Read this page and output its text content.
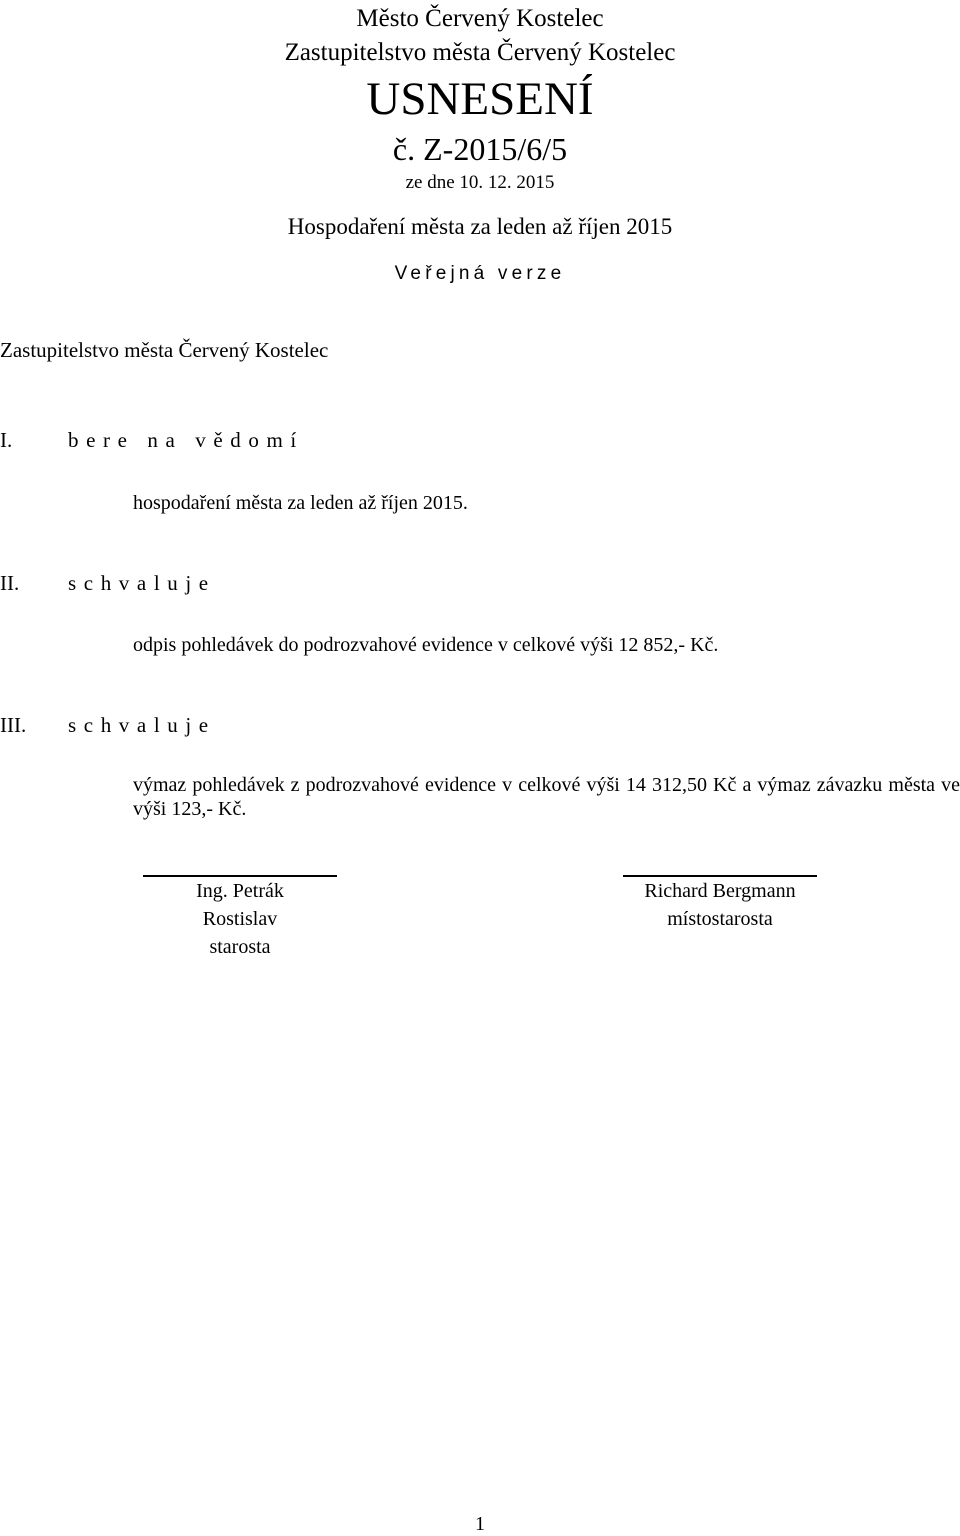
Město Červený Kostelec
Zastupitelstvo města Červený Kostelec
USNESENÍ
č. Z-2015/6/5
ze dne 10. 12. 2015
Hospodaření města za leden až říjen 2015
Veřejná verze
Zastupitelstvo města Červený Kostelec
I.	bere na vědomí
hospodaření města za leden až říjen 2015.
II. schvaluje
odpis pohledávek do podrozvahové evidence v celkové výši 12 852,- Kč.
III. schvaluje
výmaz pohledávek z podrozvahové evidence v celkové výši 14 312,50 Kč a výmaz závazku města ve výši 123,- Kč.
Ing. Petrák
Rostislav
starosta
Richard Bergmann
místostarosta
1
